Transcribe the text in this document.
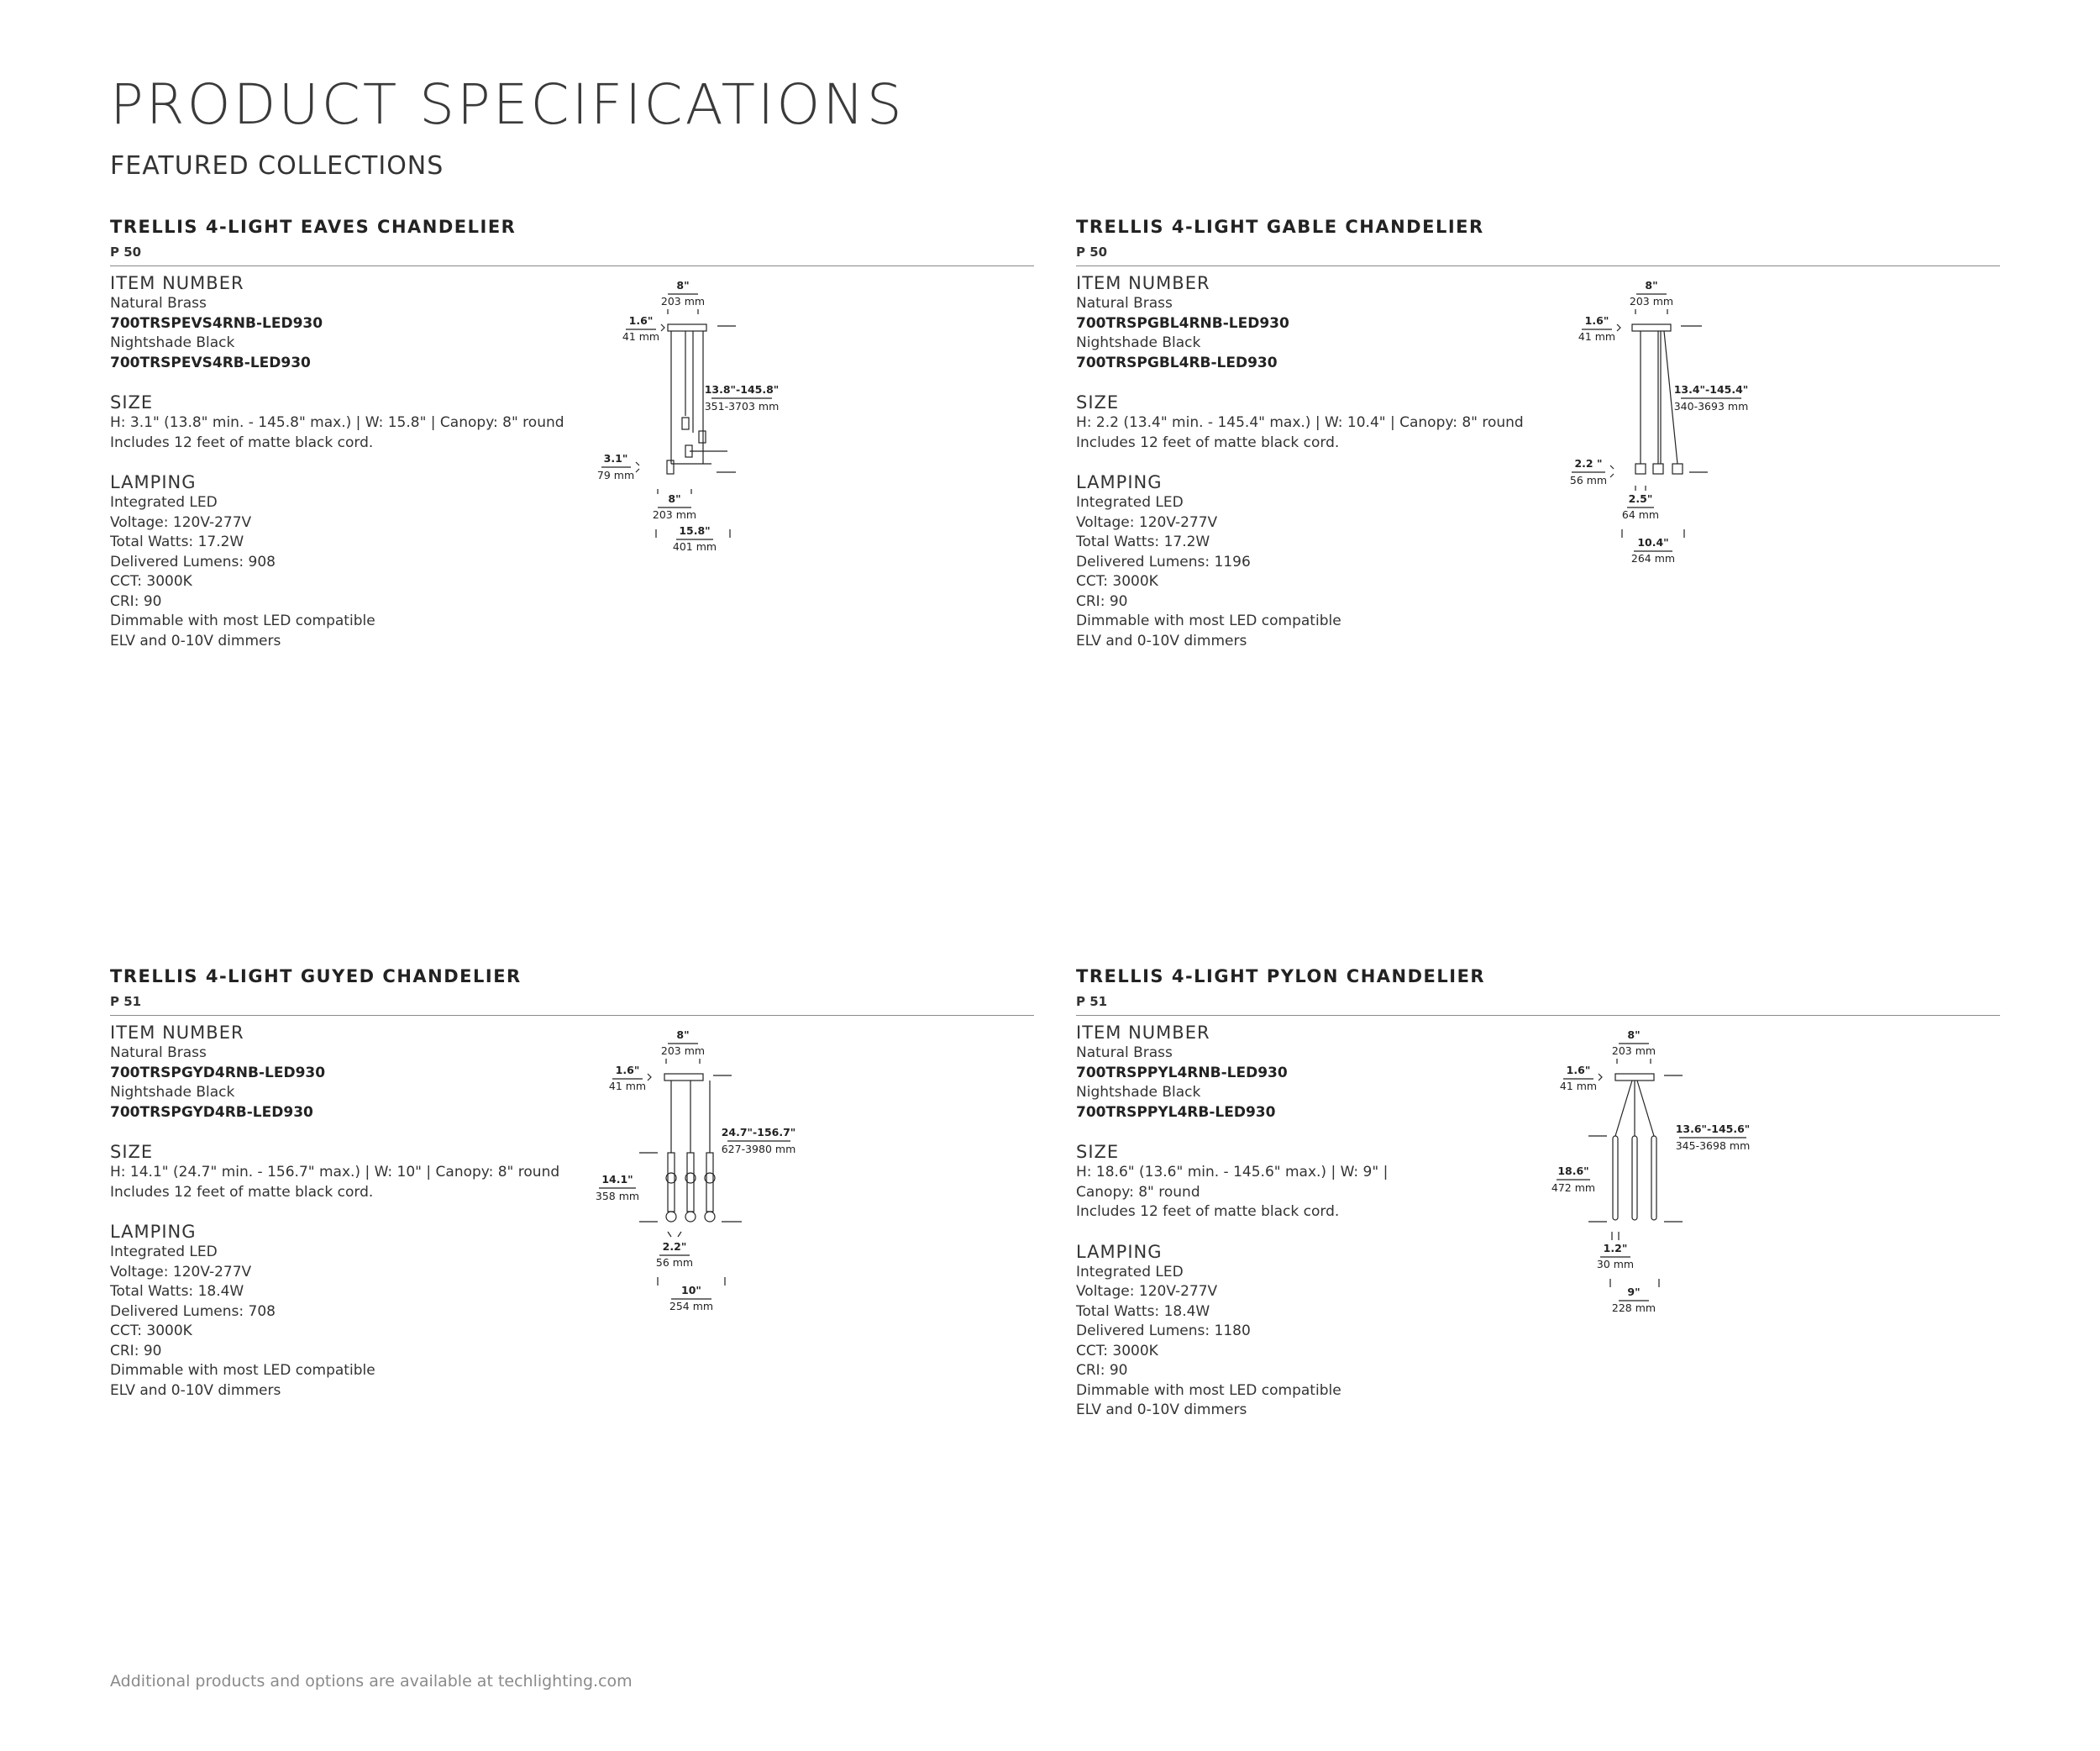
PRODUCT SPECIFICATIONS
FEATURED COLLECTIONS
TRELLIS 4-LIGHT EAVES CHANDELIER
P 50
ITEM NUMBER
Natural Brass
700TRSPEVS4RNB-LED930
Nightshade Black
700TRSPEVS4RB-LED930
SIZE
H: 3.1" (13.8" min. - 145.8" max.) | W: 15.8" | Canopy: 8" round
Includes 12 feet of matte black cord.
LAMPING
Integrated LED
Voltage: 120V-277V
Total Watts: 17.2W
Delivered Lumens: 908
CCT: 3000K
CRI: 90
Dimmable with most LED compatible
ELV and 0-10V dimmers
8"
203 mm
1.6"
41 mm
13.8"-145.8"
351-3703 mm
3.1"
79 mm
8"
203 mm
15.8"
401 mm
TRELLIS 4-LIGHT GABLE CHANDELIER
P 50
ITEM NUMBER
Natural Brass
700TRSPGBL4RNB-LED930
Nightshade Black
700TRSPGBL4RB-LED930
SIZE
H: 2.2 (13.4" min. - 145.4" max.) | W: 10.4" | Canopy: 8" round
Includes 12 feet of matte black cord.
LAMPING
Integrated LED
Voltage: 120V-277V
Total Watts: 17.2W
Delivered Lumens: 1196
CCT: 3000K
CRI: 90
Dimmable with most LED compatible
ELV and 0-10V dimmers
8"
203 mm
1.6"
41 mm
13.4"-145.4"
340-3693 mm
2.2 "
56 mm
2.5"
64 mm
10.4"
264 mm
TRELLIS 4-LIGHT GUYED CHANDELIER
P 51
ITEM NUMBER
Natural Brass
700TRSPGYD4RNB-LED930
Nightshade Black
700TRSPGYD4RB-LED930
SIZE
H: 14.1" (24.7" min. - 156.7" max.) | W: 10" | Canopy: 8" round
Includes 12 feet of matte black cord.
LAMPING
Integrated LED
Voltage: 120V-277V
Total Watts: 18.4W
Delivered Lumens: 708
CCT: 3000K
CRI: 90
Dimmable with most LED compatible
ELV and 0-10V dimmers
8"
203 mm
1.6"
41 mm
24.7"-156.7"
627-3980 mm
14.1"
358 mm
2.2"
56 mm
10"
254 mm
TRELLIS 4-LIGHT PYLON CHANDELIER
P 51
ITEM NUMBER
Natural Brass
700TRSPPYL4RNB-LED930
Nightshade Black
700TRSPPYL4RB-LED930
SIZE
H: 18.6" (13.6" min. - 145.6" max.) | W: 9" |
Canopy: 8" round
Includes 12 feet of matte black cord.
LAMPING
Integrated LED
Voltage: 120V-277V
Total Watts: 18.4W
Delivered Lumens: 1180
CCT: 3000K
CRI: 90
Dimmable with most LED compatible
ELV and 0-10V dimmers
8"
203 mm
1.6"
41 mm
18.6"
472 mm
13.6"-145.6"
345-3698 mm
1.2"
30 mm
9"
228 mm
Additional products and options are available at techlighting.com
